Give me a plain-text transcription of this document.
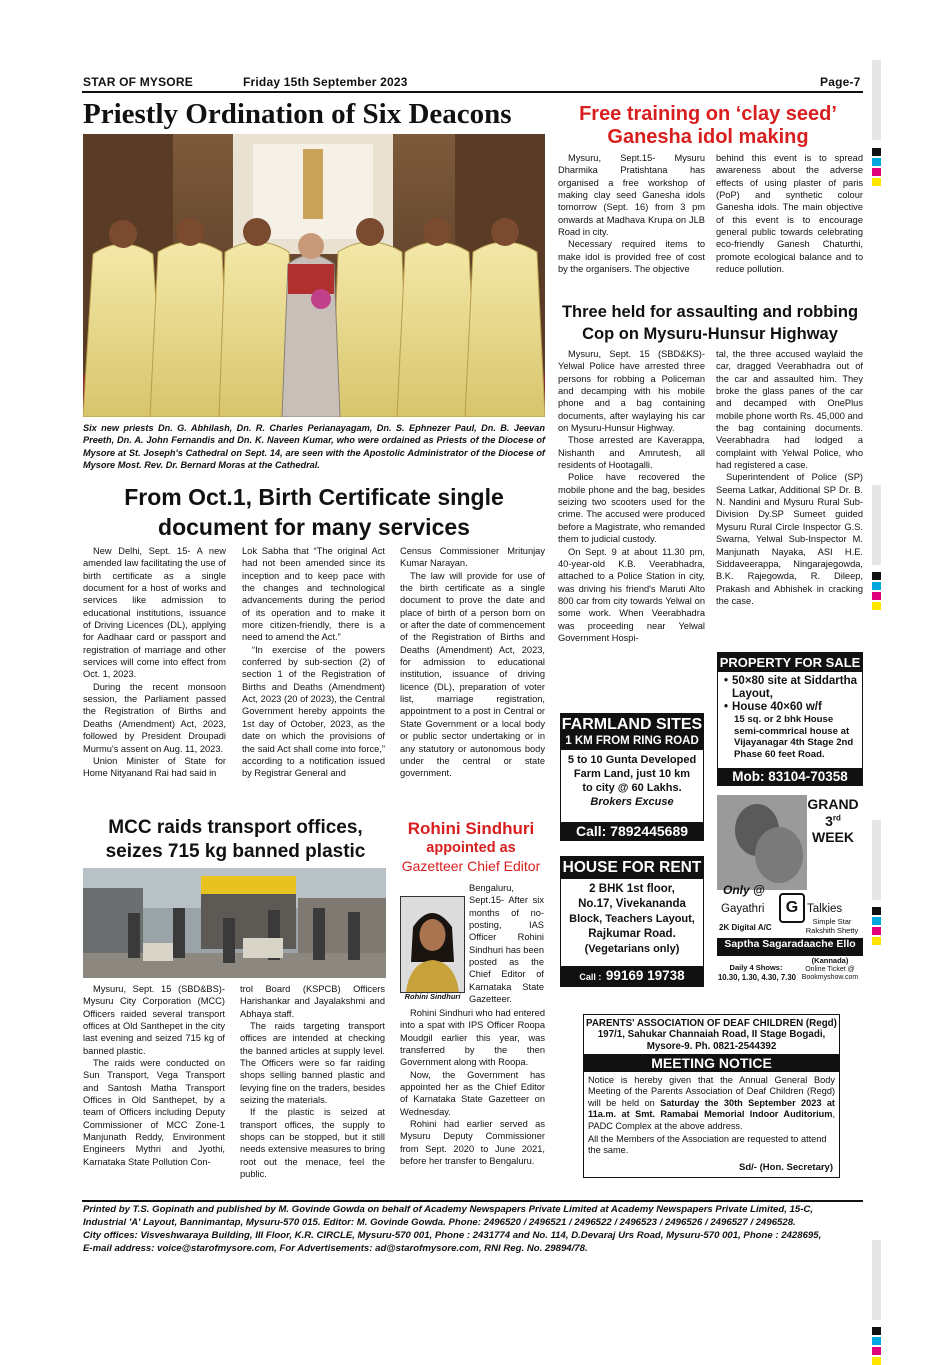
STAR OF MYSORE	Friday 15th September 2023	Page-7
Priestly Ordination of Six Deacons
Six new priests Dn. G. Abhilash, Dn. R. Charles Perianayagam, Dn. S. Ephnezer Paul, Dn. B. Jeevan Preeth, Dn. A. John Fernandis and Dn. K. Naveen Kumar, who were ordained as Priests of the Diocese of Mysore at St. Joseph's Cathedral on Sept. 14, are seen with the Apostolic Administrator of the Diocese of Mysore Most. Rev. Dr. Bernard Moras at the Cathedral.
Free training on ‘clay seed’
Ganesha idol making

Mysuru, Sept.15- Mysuru Dharmika Pratishtana has organised a free workshop of making clay seed Ganesha idols tomorrow (Sept. 16) from 3 pm onwards at Madhava Krupa on JLB Road in city.

Necessary required items to make idol is provided free of cost by the organisers. The objective

behind this event is to spread awareness about the adverse effects of using plaster of paris (PoP) and synthetic colour Ganesha idols. The main objective of this event is to encourage general public towards celebrating eco-friendly Ganesh Chaturthi, promote ecological balance and to reduce pollution.

Three held for assaulting and robbing
Cop on Mysuru-Hunsur Highway

Mysuru, Sept. 15 (SBD&KS)- Yelwal Police have arrested three persons for robbing a Policeman and decamping with his mobile phone and a bag containing documents, after waylaying his car on Mysuru-Hunsur Highway.

Those arrested are Kaverappa, Nishanth and Amrutesh, all residents of Hootagalli.

Police have recovered the mobile phone and the bag, besides seizing two scooters used for the crime. The accused were produced before a Magistrate, who remanded them to judicial custody.

On Sept. 9 at about 11.30 pm, 40-year-old K.B. Veerabhadra, attached to a Police Station in city, was driving his friend's Maruti Alto 800 car from city towards Yelwal on some work. When Veerabhadra was proceeding near Yelwal Government Hospi-

tal, the three accused waylaid the car, dragged Veerabhadra out of the car and assaulted him. They broke the glass panes of the car and decamped with OnePlus mobile phone worth Rs. 45,000 and the bag containing documents. Veerabhadra had lodged a complaint with Yelwal Police, who had registered a case.

Superintendent of Police (SP) Seema Latkar, Additional SP Dr. B. N. Nandini and Mysuru Rural Sub-Division Dy.SP Sumeet guided Mysuru Rural Circle Inspector G.S. Swarna, Yelwal Sub-Inspector M. Manjunath Nayaka, ASI H.E. Siddaveerappa, Ningarajegowda, B.K. Rajegowda, R. Dileep, Prakash and Abhishek in cracking the case.

From Oct.1, Birth Certificate single
document for many services

New Delhi, Sept. 15- A new amended law facilitating the use of birth certificate as a single document for a host of works and services like admission to educational institutions, issuance of Driving Licences (DL), applying for Aadhaar card or passport and registration of marriage and other services will come into effect from Oct. 1, 2023.

During the recent monsoon session, the Parliament passed the Registration of Births and Deaths (Amendment) Act, 2023, followed by President Droupadi Murmu's assent on Aug. 11, 2023.

Union Minister of State for Home Nityanand Rai had said in

Lok Sabha that “The original Act had not been amended since its inception and to keep pace with the changes and technological advancements during the period of its operation and to make it more citizen-friendly, there is a need to amend the Act.”

“In exercise of the powers conferred by sub-section (2) of section 1 of the Registration of Births and Deaths (Amendment) Act, 2023 (20 of 2023), the Central Government hereby appoints the 1st day of October, 2023, as the date on which the provisions of the said Act shall come into force,” according to a notification issued by Registrar General and

Census Commissioner Mritunjay Kumar Narayan.

The law will provide for use of the birth certificate as a single document to prove the date and place of birth of a person born on or after the date of commencement of the Registration of Births and Deaths (Amendment) Act, 2023, for admission to educational institution, issuance of driving licence (DL), preparation of voter list, marriage registration, appointment to a post in Central or State Government or a local body or public sector undertaking or in any statutory or autonomous body under the central or state government.

MCC raids transport offices,
seizes 715 kg banned plastic

Mysuru, Sept. 15 (SBD&BS)- Mysuru City Corporation (MCC) Officers raided several transport offices at Old Santhepet in the city last evening and seized 715 kg of banned plastic.

The raids were conducted on Sun Transport, Vega Transport and Santosh Matha Transport Offices in Old Santhepet, by a team of Officers including Deputy Commissioner of MCC Zone-1 Manjunath Reddy, Environment Engineers Mythri and Jyothi, Karnataka State Pollution Con-

trol Board (KSPCB) Officers Harishankar and Jayalakshmi and Abhaya staff.

The raids targeting transport offices are intended at checking the banned articles at supply level. The Officers were so far raiding shops selling banned plastic and levying fine on the traders, besides seizing the materials.

If the plastic is seized at transport offices, the supply to shops can be stopped, but it still needs extensive measures to bring root out the menace, feel the public.

Rohini Sindhuri
appointed as
Gazetteer Chief Editor
Rohini Sindhuri
Bengaluru, Sept.15- After six months of no-posting, IAS Officer Rohini Sindhuri has been posted as the Chief Editor of Karnataka State Gazetteer.

Rohini Sindhuri who had entered into a spat with IPS Officer Roopa Moudgil earlier this year, was transferred by the then Government along with Roopa.

Now, the Government has appointed her as the Chief Editor of Karnataka State Gazetteer on Wednesday.

Rohini had earlier served as Mysuru Deputy Commissioner from Sept. 2020 to June 2021, before her transfer to Bengaluru.

PROPERTY FOR SALE
• 50×80 site at Siddartha Layout,
• House 40×60 w/f
15 sq. or 2 bhk House semi-commrical house at Vijayanagar 4th Stage 2nd Phase 60 feet Road.
Mob: 83104-70358
FARMLAND SITES
1 KM FROM RING ROAD
5 to 10 Gunta Developed
Farm Land, just 10 km
to city @ 60 Lakhs.
Brokers Excuse
Call: 7892445689
HOUSE FOR RENT
2 BHK 1st floor,
No.17, Vivekananda
Block, Teachers Layout,
Rajkumar Road.
(Vegetarians only)
Call : 99169 19738
GRAND
3rd WEEK
Only @
Gayathri	G Talkies
2K Digital A/C
Simple Star Rakshith Shetty
Saptha Sagaradaache Ello
(Kannada)
Daily 4 Shows:
10.30, 1.30, 4.30, 7.30
Online Ticket @ Bookmyshow.com
PARENTS' ASSOCIATION OF DEAF CHILDREN (Regd)
197/1, Sahukar Channaiah Road, II Stage Bogadi,
Mysore-9. Ph. 0821-2544392
MEETING NOTICE
Notice is hereby given that the Annual General Body Meeting of the Parents Association of Deaf Children (Regd) will be held on Saturday the 30th September 2023 at 11a.m. at Smt. Ramabai Memorial Indoor Auditorium, PADC Complex at the above address.
All the Members of the Association are requested to attend the same.
Sd/- (Hon. Secretary)
Printed by T.S. Gopinath and published by M. Govinde Gowda on behalf of Academy Newspapers Private Limited at Academy Newspapers Private Limited, 15-C,
Industrial 'A' Layout, Bannimantap, Mysuru-570 015. Editor: M. Govinde Gowda. Phone: 2496520 / 2496521 / 2496522 / 2496523 / 2496526 / 2496527 / 2496528.
City offices: Visveshwaraya Building, III Floor, K.R. CIRCLE, Mysuru-570 001, Phone : 2431774 and No. 114, D.Devaraj Urs Road, Mysuru-570 001, Phone : 2428695,
E-mail address: voice@starofmysore.com, For Advertisements: ad@starofmysore.com, RNI Reg. No. 29894/78.
